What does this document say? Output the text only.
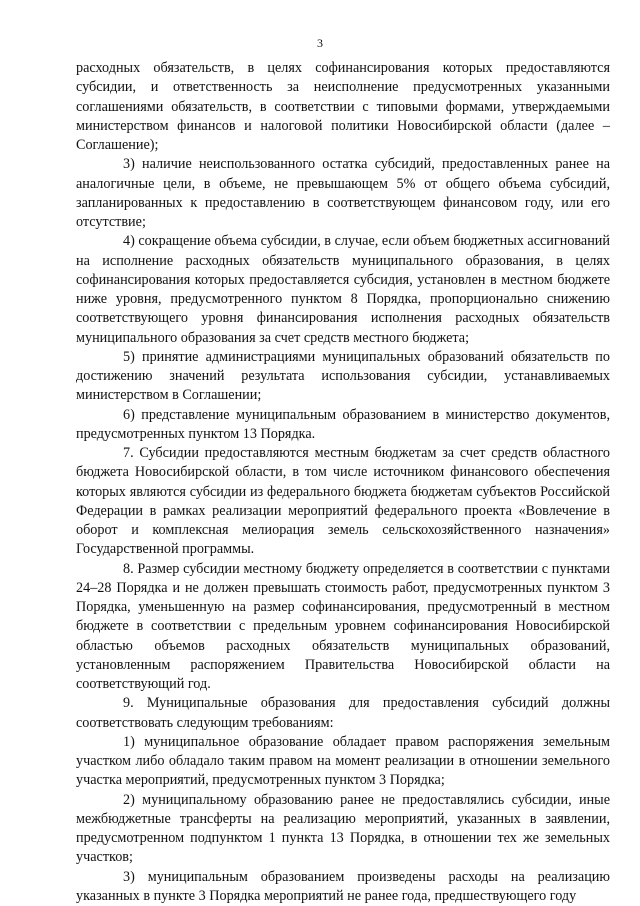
3

расходных обязательств, в целях софинансирования которых предоставляются субсидии, и ответственность за неисполнение предусмотренных указанными соглашениями обязательств, в соответствии с типовыми формами, утверждаемыми министерством финансов и налоговой политики Новосибирской области (далее – Соглашение);

3) наличие неиспользованного остатка субсидий, предоставленных ранее на аналогичные цели, в объеме, не превышающем 5% от общего объема субсидий, запланированных к предоставлению в соответствующем финансовом году, или его отсутствие;

4) сокращение объема субсидии, в случае, если объем бюджетных ассигнований на исполнение расходных обязательств муниципального образования, в целях софинансирования которых предоставляется субсидия, установлен в местном бюджете ниже уровня, предусмотренного пунктом 8 Порядка, пропорционально снижению соответствующего уровня финансирования исполнения расходных обязательств муниципального образования за счет средств местного бюджета;

5) принятие администрациями муниципальных образований обязательств по достижению значений результата использования субсидии, устанавливаемых министерством в Соглашении;

6) представление муниципальным образованием в министерство документов, предусмотренных пунктом 13 Порядка.

7. Субсидии предоставляются местным бюджетам за счет средств областного бюджета Новосибирской области, в том числе источником финансового обеспечения которых являются субсидии из федерального бюджета бюджетам субъектов Российской Федерации в рамках реализации мероприятий федерального проекта «Вовлечение в оборот и комплексная мелиорация земель сельскохозяйственного назначения» Государственной программы.

8. Размер субсидии местному бюджету определяется в соответствии с пунктами 24–28 Порядка и не должен превышать стоимость работ, предусмотренных пунктом 3 Порядка, уменьшенную на размер софинансирования, предусмотренный в местном бюджете в соответствии с предельным уровнем софинансирования Новосибирской областью объемов расходных обязательств муниципальных образований, установленным распоряжением Правительства Новосибирской области на соответствующий год.

9. Муниципальные образования для предоставления субсидий должны соответствовать следующим требованиям:

1) муниципальное образование обладает правом распоряжения земельным участком либо обладало таким правом на момент реализации в отношении земельного участка мероприятий, предусмотренных пунктом 3 Порядка;

2) муниципальному образованию ранее не предоставлялись субсидии, иные межбюджетные трансферты на реализацию мероприятий, указанных в заявлении, предусмотренном подпунктом 1 пункта 13 Порядка, в отношении тех же земельных участков;

3) муниципальным образованием произведены расходы на реализацию указанных в пункте 3 Порядка мероприятий не ранее года, предшествующего году
